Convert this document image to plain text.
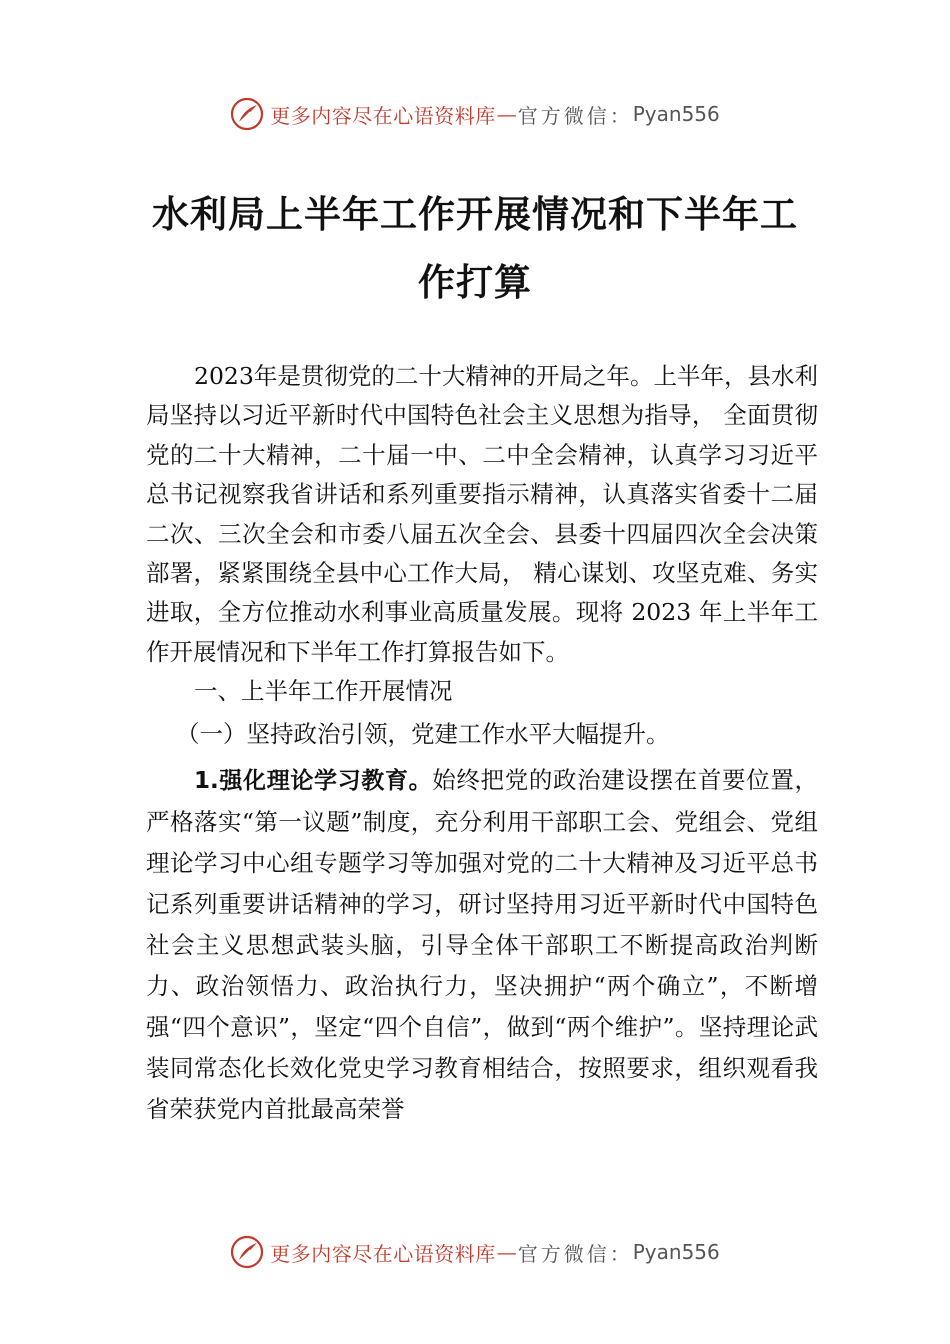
更多内容尽在心语资料库 — 官方微信： Pyan556
水利局上半年工作开展情况和下半年工作打算

2023年是贯彻党的二十大精神的开局之年。上半年，县水利局坚持以习近平新时代中国特色社会主义思想为指导， 全面贯彻党的二十大精神，二十届一中、二中全会精神，认真学习习近平总书记视察我省讲话和系列重要指示精神，认真落实省委十二届二次、三次全会和市委八届五次全会、县委十四届四次全会决策部署，紧紧围绕全县中心工作大局， 精心谋划、攻坚克难、务实进取，全方位推动水利事业高质量发展。现将 2023 年上半年工作开展情况和下半年工作打算报告如下。

一、上半年工作开展情况

（一）坚持政治引领，党建工作水平大幅提升。

1.强化理论学习教育。始终把党的政治建设摆在首要位置，严格落实“第一议题”制度，充分利用干部职工会、党组会、党组理论学习中心组专题学习等加强对党的二十大精神及习近平总书记系列重要讲话精神的学习，研讨坚持用习近平新时代中国特色社会主义思想武装头脑，引导全体干部职工不断提高政治判断力、政治领悟力、政治执行力，坚决拥护“两个确立”，不断增强“四个意识”，坚定“四个自信”，做到“两个维护”。坚持理论武装同常态化长效化党史学习教育相结合，按照要求，组织观看我省荣获党内首批最高荣誉

更多内容尽在心语资料库 — 官方微信： Pyan556
